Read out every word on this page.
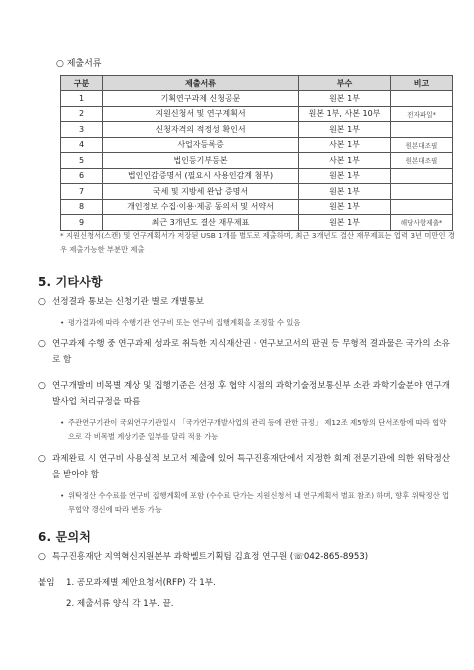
○ 제출서류
구분	제출서류	부수	비고
1	기획연구과제 신청공문	원본 1부	
2	지원신청서 및 연구계획서	원본 1부, 사본 10부	전자파일*
3	신청자격의 적정성 확인서	원본 1부	
4	사업자등록증	사본 1부	원본대조필
5	법인등기부등본	사본 1부	원본대조필
6	법인인감증명서 (필요시 사용인감계 첨부)	원본 1부	
7	국세 및 지방세 완납 증명서	원본 1부	
8	개인정보 수집·이용·제공 동의서 및 서약서	원본 1부	
9	최근 3개년도 결산 재무제표	원본 1부	해당사항제출*
* 지원신청서(스캔) 및 연구계획서가 저장된 USB 1개를 별도로 제출하며, 최근 3개년도 결산 재무제표는 업력 3년 미만인 경우 제출가능한 부분만 제출
5. 기타사항
○ 선정결과 통보는 신청기관 별로 개별통보
• 평가결과에 따라 수행기관 연구비 또는 연구비 집행계획을 조정할 수 있음
○ 연구과제 수행 중 연구과제 성과로 취득한 지식재산권 · 연구보고서의 판권 등 무형적 결과물은 국가의 소유로 함
○ 연구개발비 비목별 계상 및 집행기준은 선정 후 협약 시점의 과학기술정보통신부 소관 과학기술분야 연구개발사업 처리규정을 따름
• 주관연구기관이 국외연구기관일시 「국가연구개발사업의 관리 등에 관한 규정」 제12조 제5항의 단서조항에 따라 협약으로 각 비목별 계상기준 일부를 달리 적용 가능
○ 과제완료 시 연구비 사용실적 보고서 제출에 있어 특구진흥재단에서 지정한 회계 전문기관에 의한 위탁정산을 받아야 함
• 위탁정산 수수료를 연구비 집행계획에 포함 (수수료 단가는 지원신청서 내 연구계획서 별표 참조) 하며, 향후 위탁정산 업무협약 갱신에 따라 변동 가능
6. 문의처
○ 특구진흥재단 지역혁신지원본부 과학벨트기획팀 김효정 연구원 (☏042-865-8953)
붙임 1. 공모과제별 제안요청서(RFP) 각 1부.
2. 제출서류 양식 각 1부. 끝.
